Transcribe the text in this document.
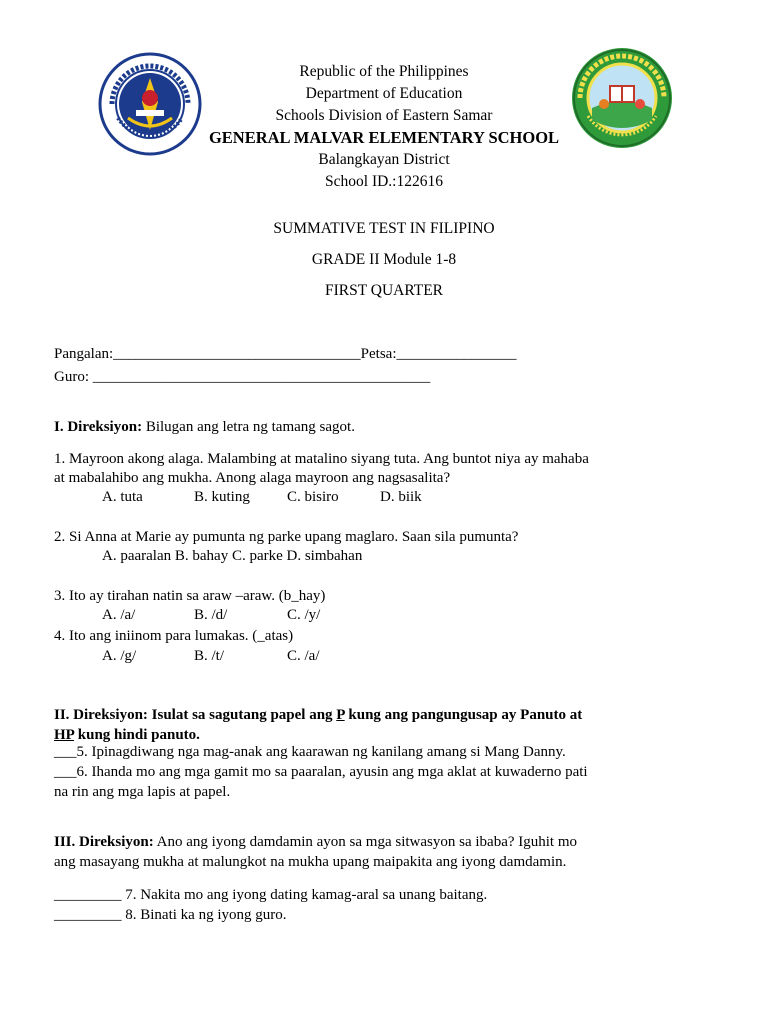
Republic of the Philippines
Department of Education
Schools Division of Eastern Samar
GENERAL MALVAR ELEMENTARY SCHOOL
Balangkayan District
School ID.:122616
SUMMATIVE TEST IN FILIPINO
GRADE II Module 1-8
FIRST QUARTER
Pangalan:_________________________________Petsa:________________
Guro: _____________________________________________
I. Direksiyon: Bilugan ang letra ng tamang sagot.
1. Mayroon akong alaga. Malambing at matalino siyang tuta. Ang buntot niya ay mahaba
at mabalahibo ang mukha. Anong alaga mayroon ang nagsasalita?
A. tuta	B. kuting C. bisiro	D. biik
2. Si Anna at Marie ay pumunta ng parke upang maglaro. Saan sila pumunta?
A. paaralan B. bahay C. parke D. simbahan
3. Ito ay tirahan natin sa araw –araw. (b_hay)
A. /a/	B. /d/	C. /y/
4. Ito ang iniinom para lumakas. (_atas)
A. /g/	B. /t/	C. /a/
II. Direksiyon: Isulat sa sagutang papel ang P kung ang pangungusap ay Panuto at
HP kung hindi panuto.
___5. Ipinagdiwang nga mag-anak ang kaarawan ng kanilang amang si Mang Danny.
___6. Ihanda mo ang mga gamit mo sa paaralan, ayusin ang mga aklat at kuwaderno pati
na rin ang mga lapis at papel.
III. Direksiyon: Ano ang iyong damdamin ayon sa mga sitwasyon sa ibaba? Iguhit mo
ang masayang mukha at malungkot na mukha upang maipakita ang iyong damdamin.
_________ 7. Nakita mo ang iyong dating kamag-aral sa unang baitang.
_________ 8. Binati ka ng iyong guro.
